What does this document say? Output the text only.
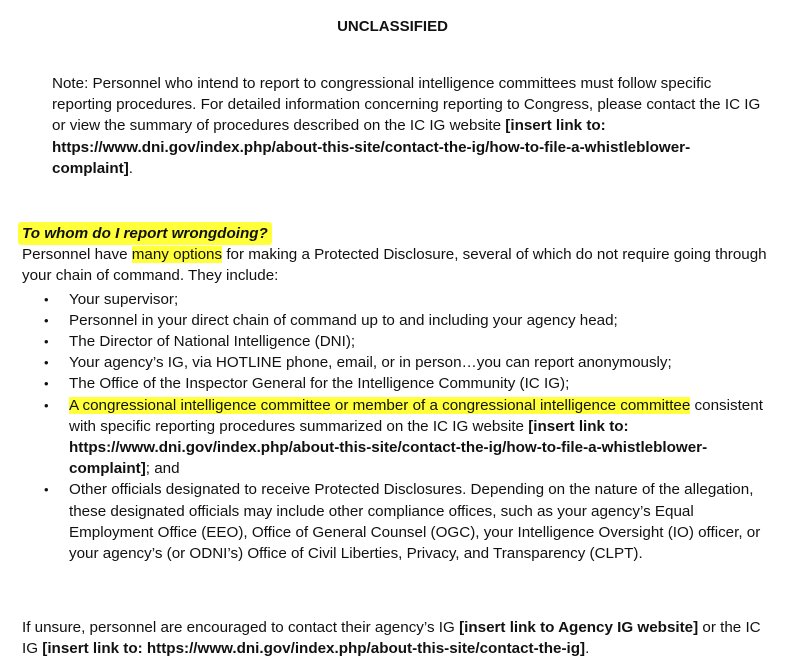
UNCLASSIFIED
Note: Personnel who intend to report to congressional intelligence committees must follow specific reporting procedures. For detailed information concerning reporting to Congress, please contact the IC IG or view the summary of procedures described on the IC IG website [insert link to: https://www.dni.gov/index.php/about-this-site/contact-the-ig/how-to-file-a-whistleblower-complaint].
To whom do I report wrongdoing?
Personnel have many options for making a Protected Disclosure, several of which do not require going through your chain of command. They include:
• Your supervisor;
• Personnel in your direct chain of command up to and including your agency head;
• The Director of National Intelligence (DNI);
• Your agency’s IG, via HOTLINE phone, email, or in person…you can report anonymously;
• The Office of the Inspector General for the Intelligence Community (IC IG);
• A congressional intelligence committee or member of a congressional intelligence committee consistent with specific reporting procedures summarized on the IC IG website [insert link to: https://www.dni.gov/index.php/about-this-site/contact-the-ig/how-to-file-a-whistleblower-complaint]; and
• Other officials designated to receive Protected Disclosures. Depending on the nature of the allegation, these designated officials may include other compliance offices, such as your agency’s Equal Employment Office (EEO), Office of General Counsel (OGC), your Intelligence Oversight (IO) officer, or your agency’s (or ODNI’s) Office of Civil Liberties, Privacy, and Transparency (CLPT).
If unsure, personnel are encouraged to contact their agency’s IG [insert link to Agency IG website] or the IC IG [insert link to: https://www.dni.gov/index.php/about-this-site/contact-the-ig].
